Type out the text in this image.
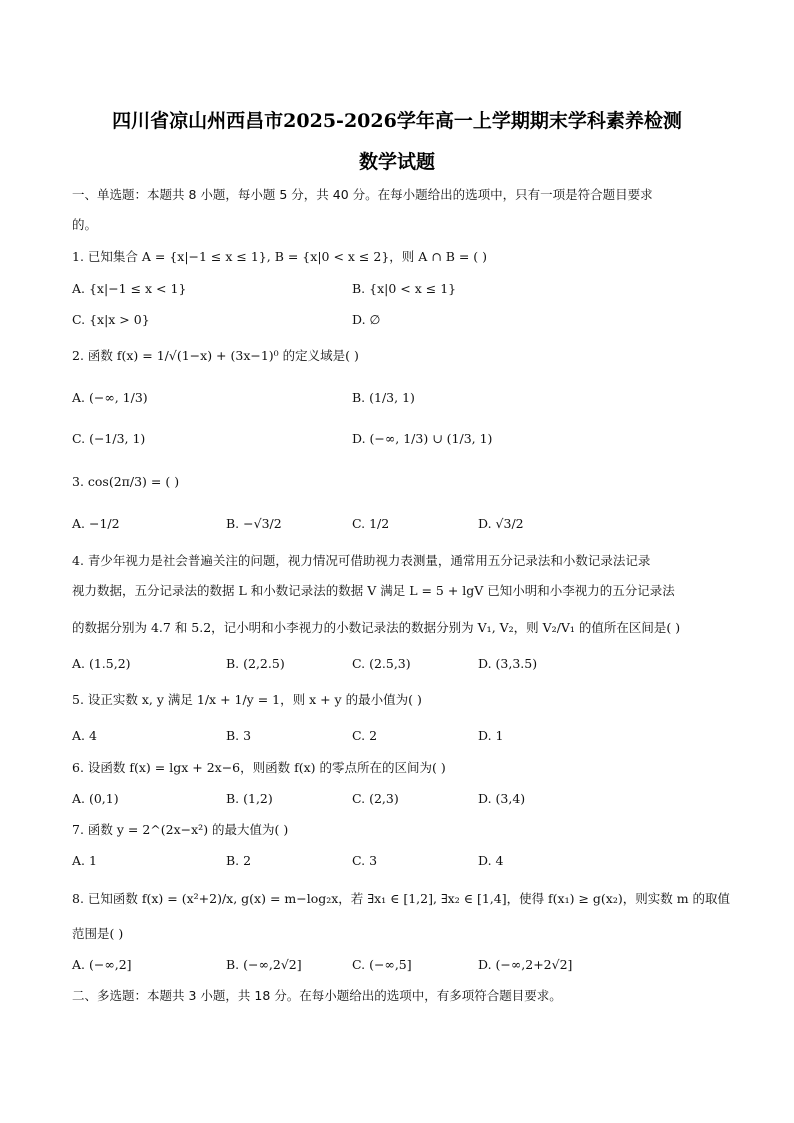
四川省凉山州西昌市2025-2026学年高一上学期期末学科素养检测
数学试题
一、单选题：本题共 8 小题，每小题 5 分，共 40 分。在每小题给出的选项中，只有一项是符合题目要求
的。
1. 已知集合 A = {x|−1 ≤ x ≤ 1}, B = {x|0 < x ≤ 2}，则 A ∩ B = ( )
A. {x|−1 ≤ x < 1}	B. {x|0 < x ≤ 1}
C. {x|x > 0}	D. ∅
2. 函数 f(x) = 1/√(1−x) + (3x−1)⁰ 的定义域是( )
A. (−∞, 1/3)	B. (1/3, 1)
C. (−1/3, 1)	D. (−∞, 1/3) ∪ (1/3, 1)
3. cos(2π/3) = ( )
A. −1/2	B. −√3/2	C. 1/2	D. √3/2
4. 青少年视力是社会普遍关注的问题，视力情况可借助视力表测量，通常用五分记录法和小数记录法记录
视力数据，五分记录法的数据 L 和小数记录法的数据 V 满足 L = 5 + lgV 已知小明和小李视力的五分记录法
的数据分别为 4.7 和 5.2，记小明和小李视力的小数记录法的数据分别为 V₁, V₂，则 V₂/V₁ 的值所在区间是( )
A. (1.5,2)	B. (2,2.5)	C. (2.5,3)	D. (3,3.5)
5. 设正实数 x, y 满足 1/x + 1/y = 1，则 x + y 的最小值为( )
A. 4	B. 3	C. 2	D. 1
6. 设函数 f(x) = lgx + 2x−6，则函数 f(x) 的零点所在的区间为( )
A. (0,1)	B. (1,2)	C. (2,3)	D. (3,4)
7. 函数 y = 2^(2x−x²) 的最大值为( )
A. 1	B. 2	C. 3	D. 4
8. 已知函数 f(x) = (x²+2)/x, g(x) = m−log₂x，若 ∃x₁ ∈ [1,2], ∃x₂ ∈ [1,4]，使得 f(x₁) ≥ g(x₂)，则实数 m 的取值
范围是( )
A. (−∞,2]	B. (−∞,2√2]	C. (−∞,5]	D. (−∞,2+2√2]
二、多选题：本题共 3 小题，共 18 分。在每小题给出的选项中，有多项符合题目要求。
